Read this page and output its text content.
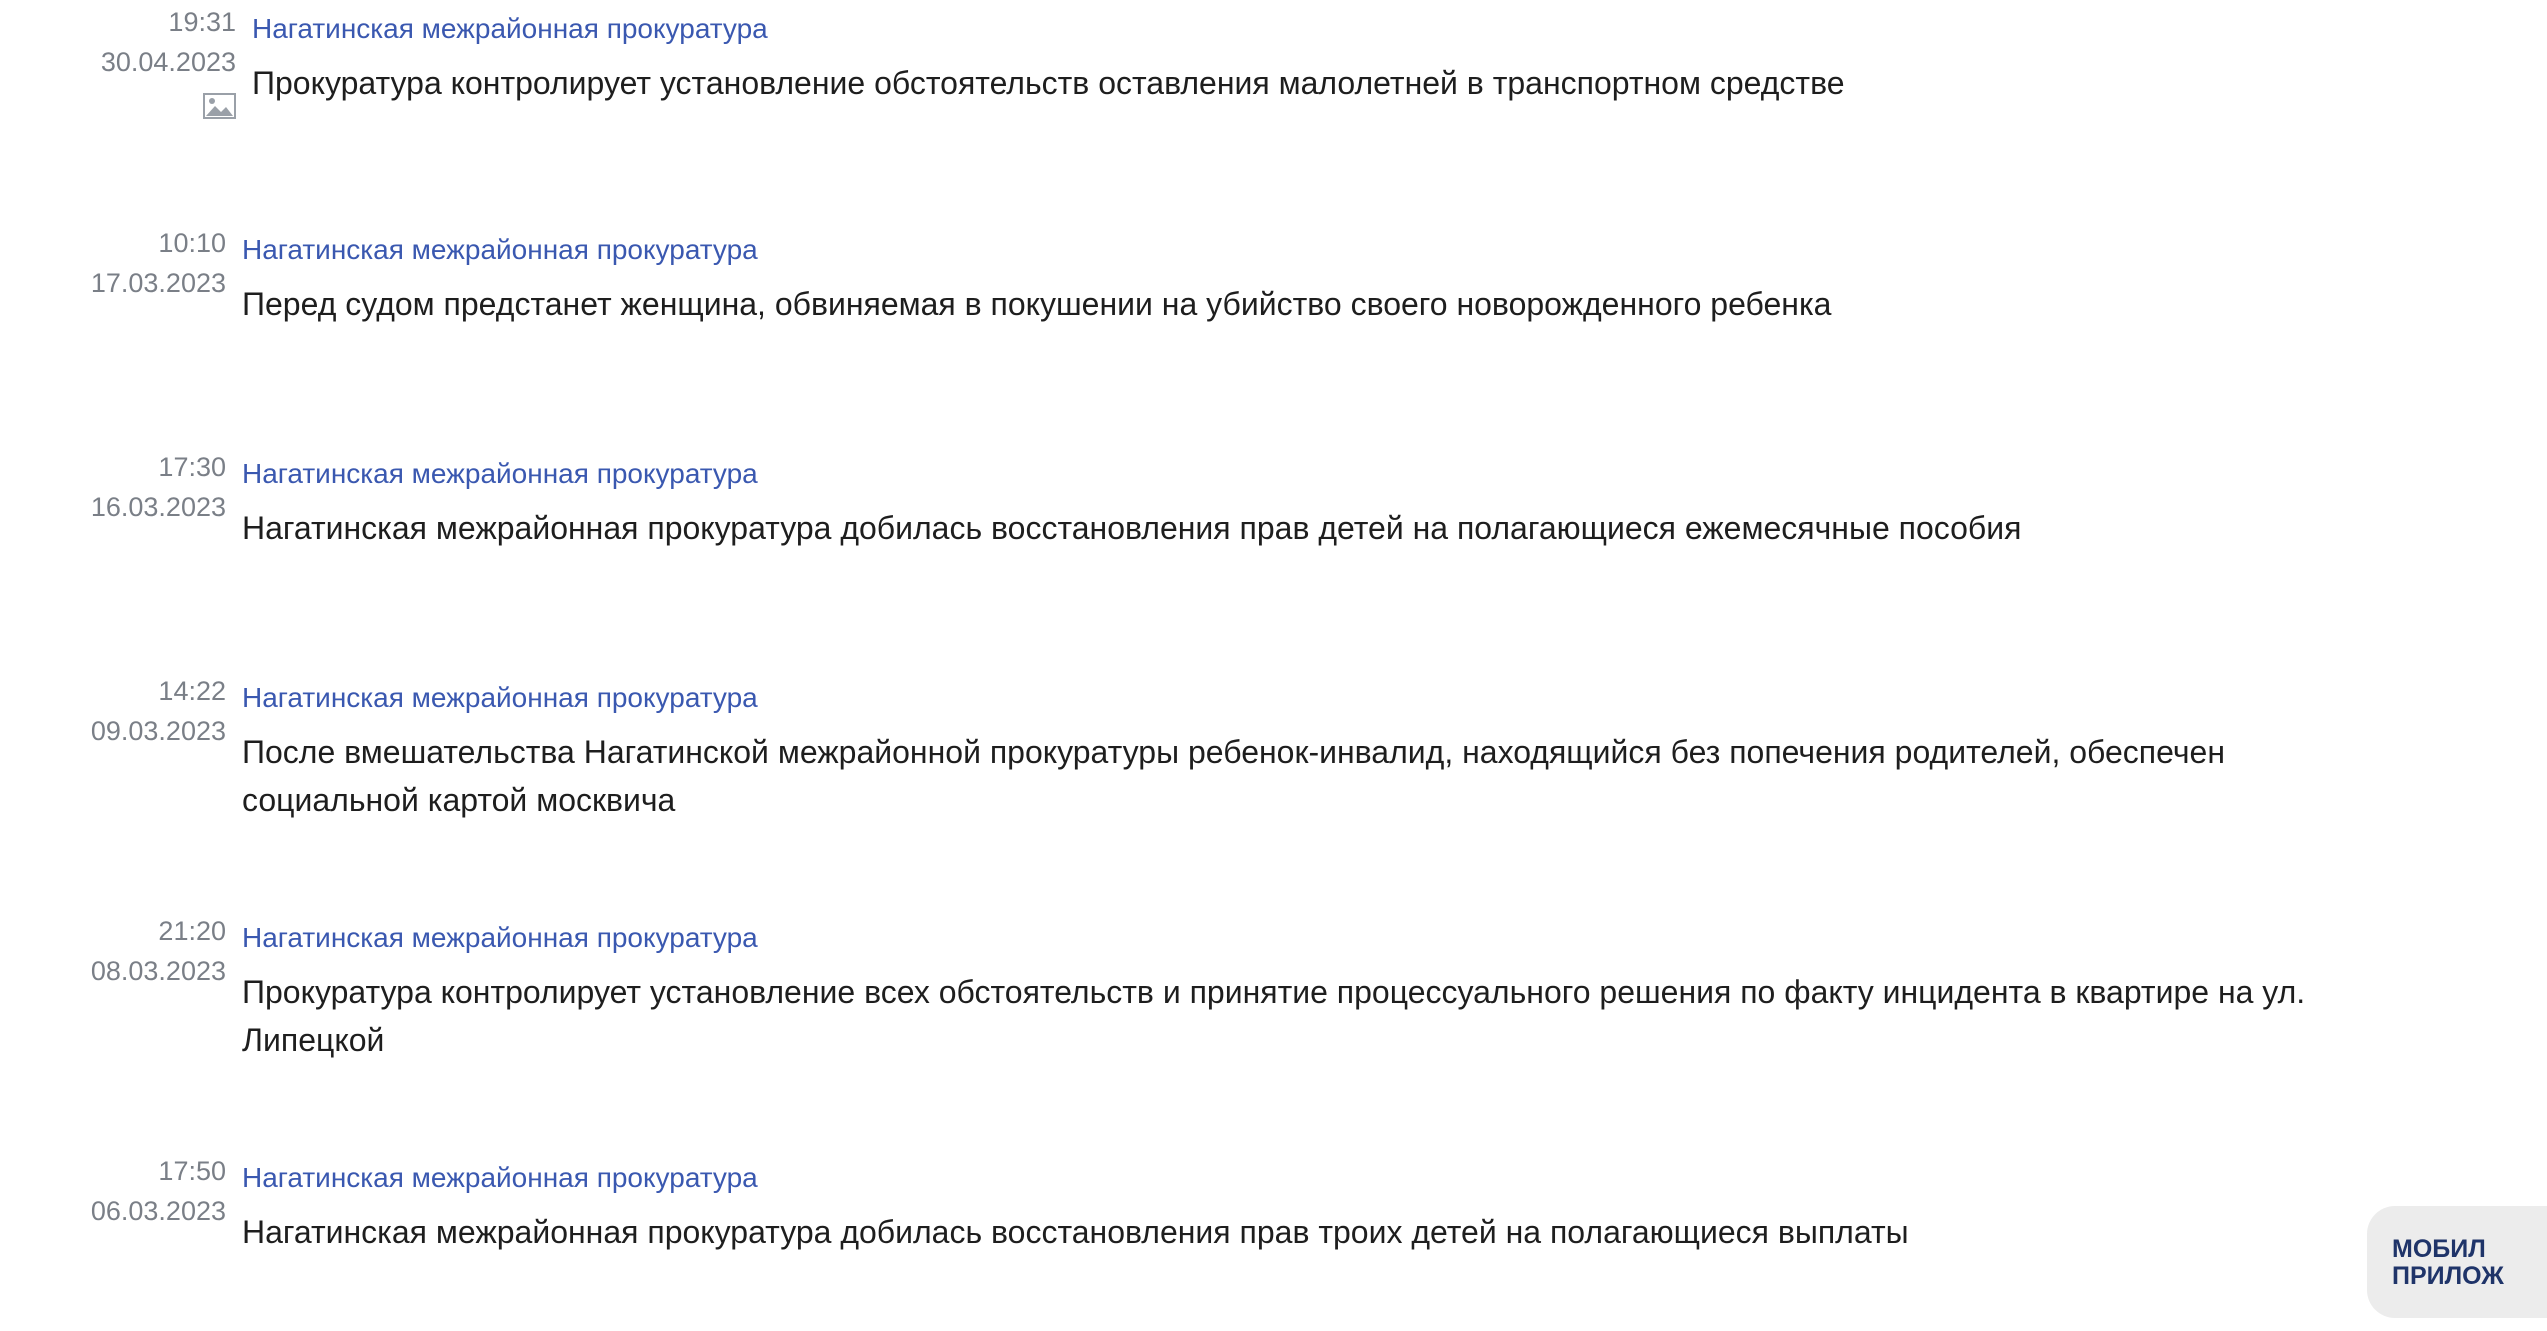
19:31
30.04.2023
Нагатинская межрайонная прокуратура
Прокуратура контролирует установление обстоятельств оставления малолетней в транспортном средстве
10:10
17.03.2023
Нагатинская межрайонная прокуратура
Перед судом предстанет женщина, обвиняемая в покушении на убийство своего новорожденного ребенка
17:30
16.03.2023
Нагатинская межрайонная прокуратура
Нагатинская межрайонная прокуратура добилась восстановления прав детей на полагающиеся ежемесячные пособия
14:22
09.03.2023
Нагатинская межрайонная прокуратура
После вмешательства Нагатинской межрайонной прокуратуры ребенок-инвалид, находящийся без попечения родителей, обеспечен
социальной картой москвича
21:20
08.03.2023
Нагатинская межрайонная прокуратура
Прокуратура контролирует установление всех обстоятельств и принятие процессуального решения по факту инцидента в квартире на ул.
Липецкой
17:50
06.03.2023
Нагатинская межрайонная прокуратура
Нагатинская межрайонная прокуратура добилась восстановления прав троих детей на полагающиеся выплаты	МОБИЛ
ПРИЛОЖ
